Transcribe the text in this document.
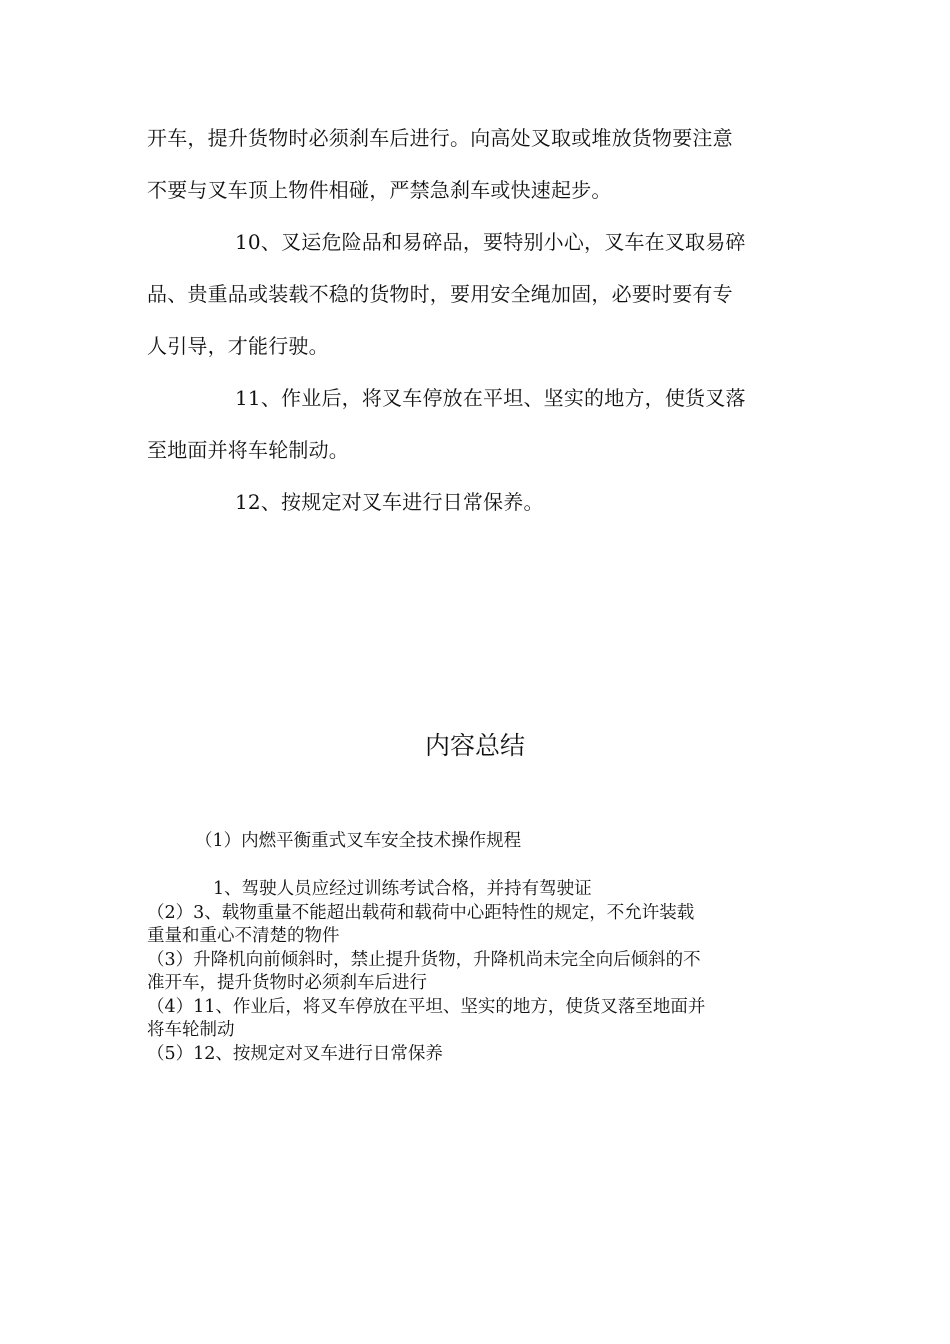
开车，提升货物时必须刹车后进行。向高处叉取或堆放货物要注意

不要与叉车顶上物件相碰，严禁急刹车或快速起步。

10、叉运危险品和易碎品，要特别小心，叉车在叉取易碎

品、贵重品或装载不稳的货物时，要用安全绳加固，必要时要有专

人引导，才能行驶。

11、作业后，将叉车停放在平坦、坚实的地方，使货叉落

至地面并将车轮制动。

12、按规定对叉车进行日常保养。

内容总结

（1）内燃平衡重式叉车安全技术操作规程

1、驾驶人员应经过训练考试合格，并持有驾驶证

（2）3、载物重量不能超出载荷和载荷中心距特性的规定，不允许装载

重量和重心不清楚的物件

（3）升降机向前倾斜时，禁止提升货物，升降机尚未完全向后倾斜的不

准开车，提升货物时必须刹车后进行

（4）11、作业后，将叉车停放在平坦、坚实的地方，使货叉落至地面并

将车轮制动

（5）12、按规定对叉车进行日常保养
